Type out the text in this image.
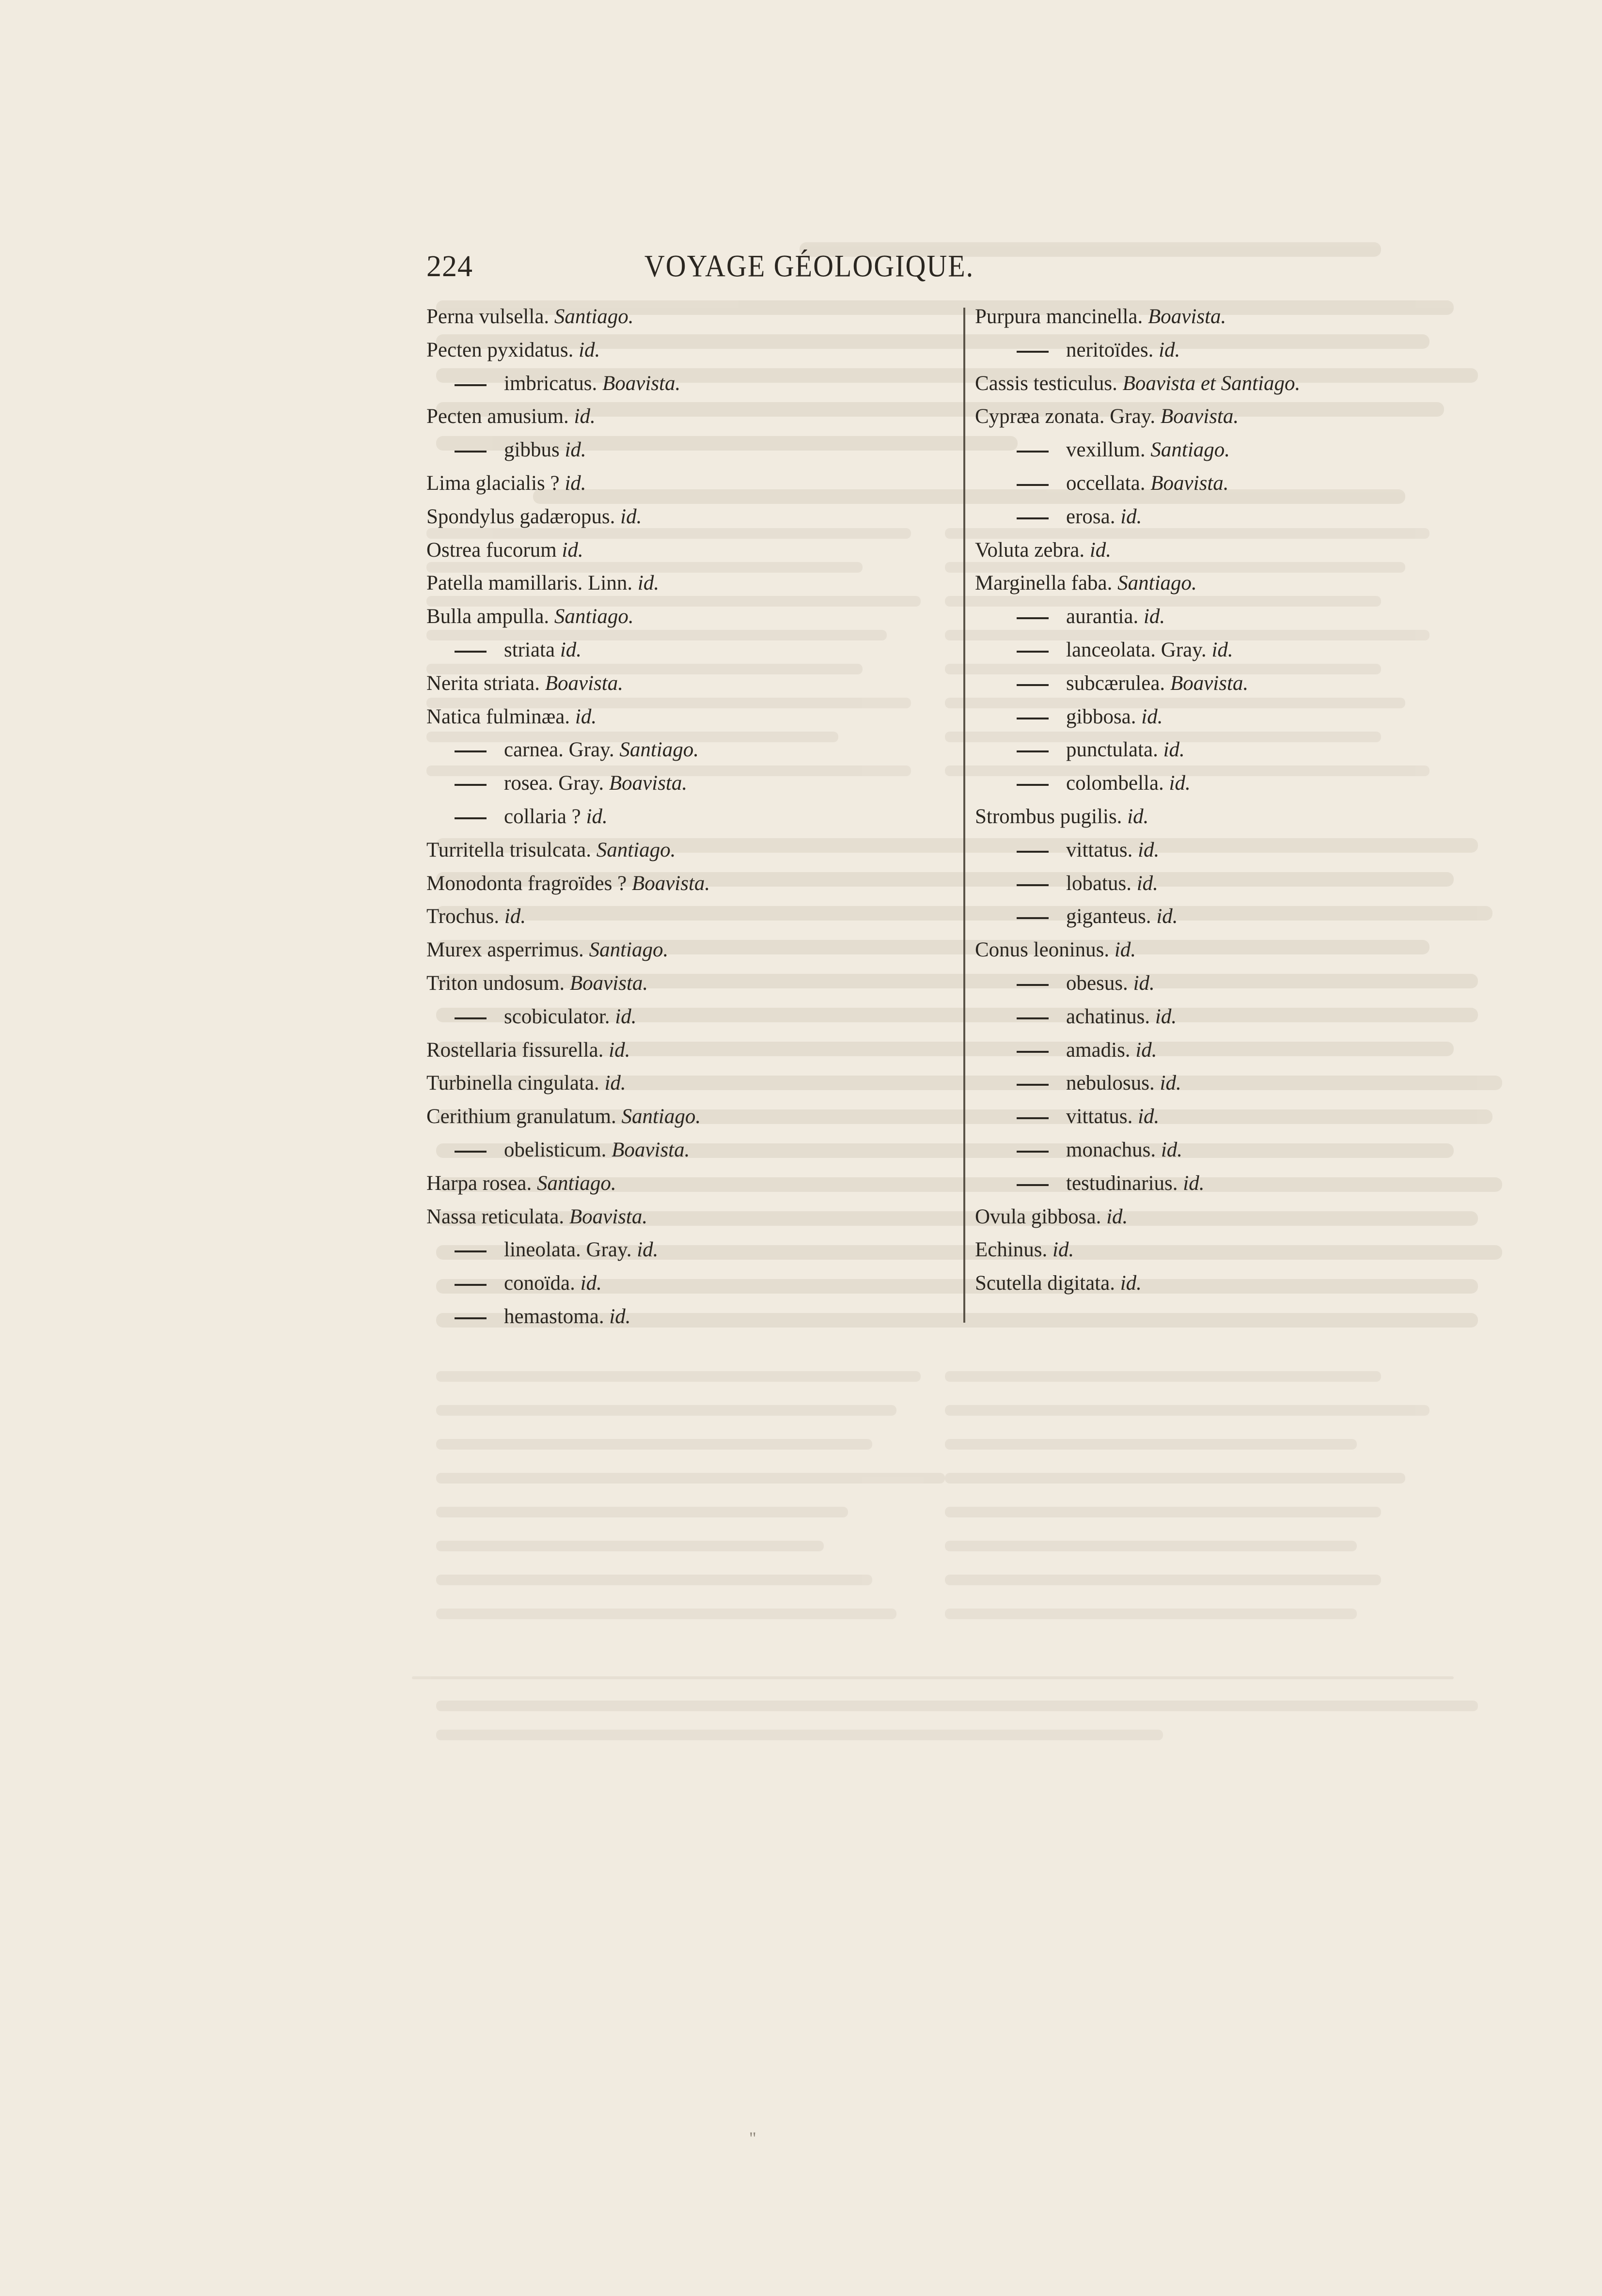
224	VOYAGE GÉOLOGIQUE.
Perna vulsella. Santiago.
Pecten pyxidatus. id.
imbricatus. Boavista.
Pecten amusium. id.
gibbus id.
Lima glacialis ? id.
Spondylus gadæropus. id.
Ostrea fucorum id.
Patella mamillaris. Linn. id.
Bulla ampulla. Santiago.
striata id.
Nerita striata. Boavista.
Natica fulminæa. id.
carnea. Gray. Santiago.
rosea. Gray. Boavista.
collaria ? id.
Turritella trisulcata. Santiago.
Monodonta fragroïdes ? Boavista.
Trochus. id.
Murex asperrimus. Santiago.
Triton undosum. Boavista.
scobiculator. id.
Rostellaria fissurella. id.
Turbinella cingulata. id.
Cerithium granulatum. Santiago.
obelisticum. Boavista.
Harpa rosea. Santiago.
Nassa reticulata. Boavista.
lineolata. Gray. id.
conoïda. id.
hemastoma. id.
Purpura mancinella. Boavista.
neritoïdes. id.
Cassis testiculus. Boavista et Santiago.
Cypræa zonata. Gray. Boavista.
vexillum. Santiago.
occellata. Boavista.
erosa. id.
Voluta zebra. id.
Marginella faba. Santiago.
aurantia. id.
lanceolata. Gray. id.
subcærulea. Boavista.
gibbosa. id.
punctulata. id.
colombella. id.
Strombus pugilis. id.
vittatus. id.
lobatus. id.
giganteus. id.
Conus leoninus. id.
obesus. id.
achatinus. id.
amadis. id.
nebulosus. id.
vittatus. id.
monachus. id.
testudinarius. id.
Ovula gibbosa. id.
Echinus. id.
Scutella digitata. id.
"
